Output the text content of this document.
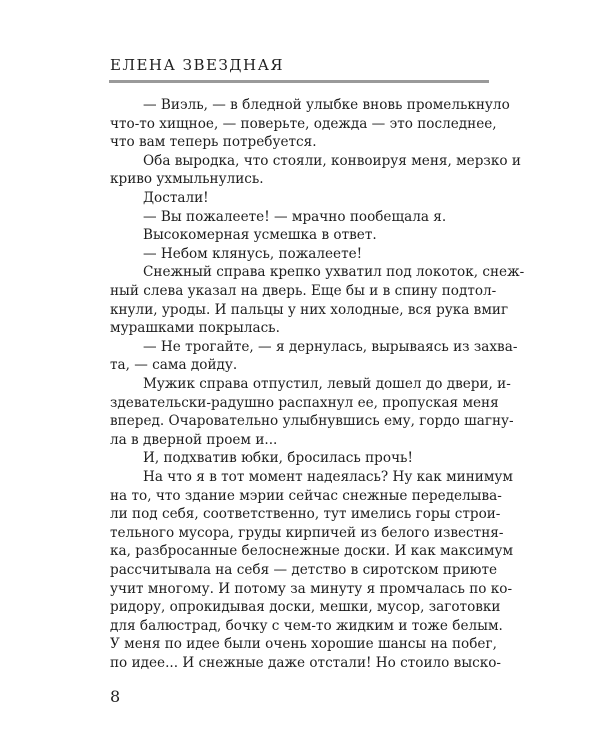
ЕЛЕНА ЗВЕЗДНАЯ
— Виэль, — в бледной улыбке вновь промелькнуло
что-то хищное, — поверьте, одежда — это последнее,
что вам теперь потребуется.
Оба выродка, что стояли, конвоируя меня, мерзко и
криво ухмыльнулись.
Достали!
— Вы пожалеете! — мрачно пообещала я.
Высокомерная усмешка в ответ.
— Небом клянусь, пожалеете!
Снежный справа крепко ухватил под локоток, снеж-
ный слева указал на дверь. Еще бы и в спину подтол-
кнули, уроды. И пальцы у них холодные, вся рука вмиг
мурашками покрылась.
— Не трогайте, — я дернулась, вырываясь из захва-
та, — сама дойду.
Мужик справа отпустил, левый дошел до двери, и-
здевательски-радушно распахнул ее, пропуская меня
вперед. Очаровательно улыбнувшись ему, гордо шагну-
ла в дверной проем и...
И, подхватив юбки, бросилась прочь!
На что я в тот момент надеялась? Ну как минимум
на то, что здание мэрии сейчас снежные переделыва-
ли под себя, соответственно, тут имелись горы строи-
тельного мусора, груды кирпичей из белого известня-
ка, разбросанные белоснежные доски. И как максимум
рассчитывала на себя — детство в сиротском приюте
учит многому. И потому за минуту я промчалась по ко-
ридору, опрокидывая доски, мешки, мусор, заготовки
для балюстрад, бочку с чем-то жидким и тоже белым.
У меня по идее были очень хорошие шансы на побег,
по идее... И снежные даже отстали! Но стоило выско-
8
